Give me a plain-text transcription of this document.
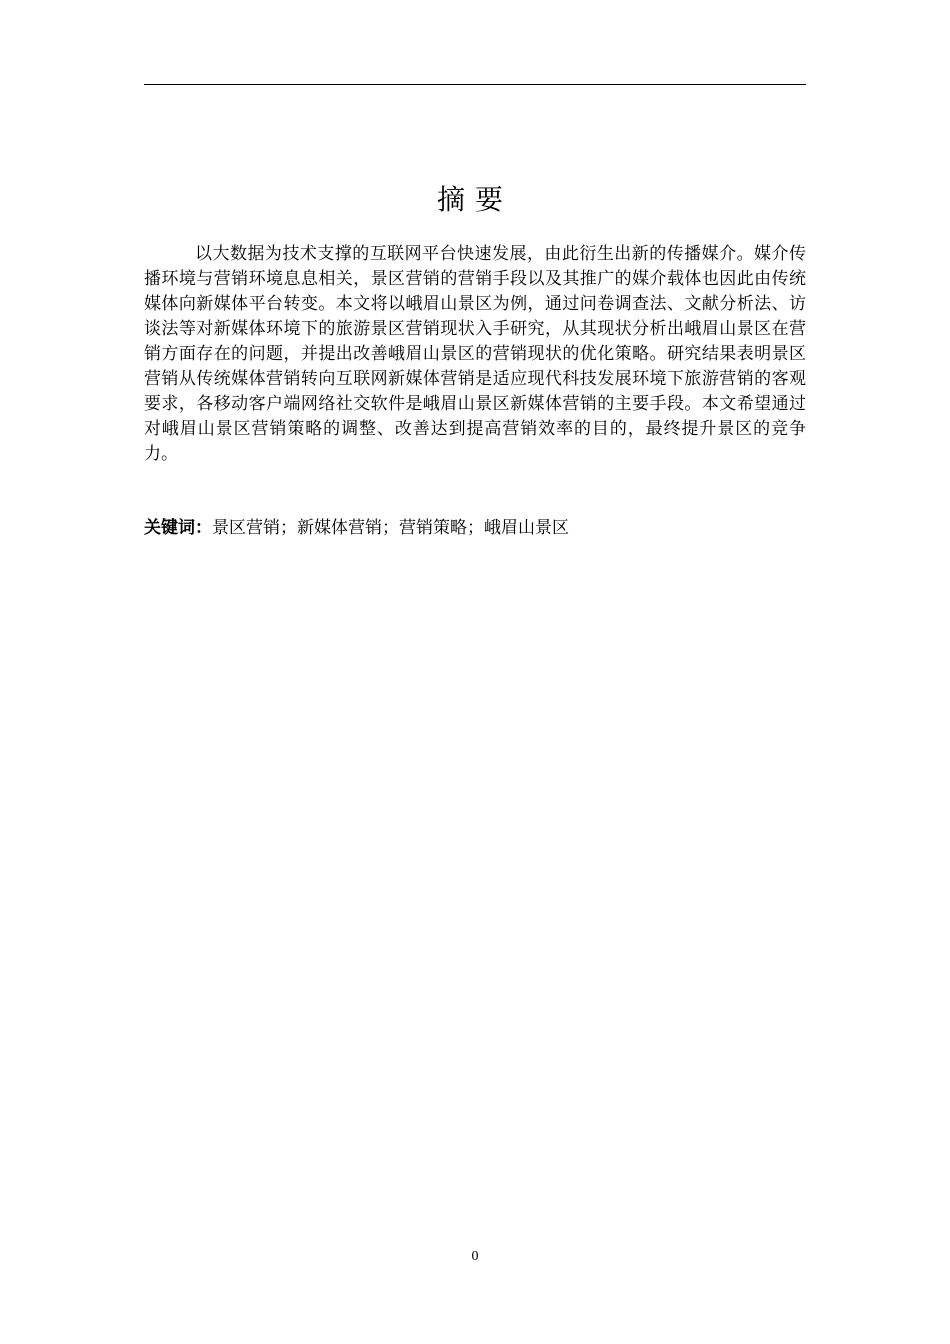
摘要

以大数据为技术支撑的互联网平台快速发展，由此衍生出新的传播媒介。媒介传播环境与营销环境息息相关，景区营销的营销手段以及其推广的媒介载体也因此由传统媒体向新媒体平台转变。本文将以峨眉山景区为例，通过问卷调查法、文献分析法、访谈法等对新媒体环境下的旅游景区营销现状入手研究，从其现状分析出峨眉山景区在营销方面存在的问题，并提出改善峨眉山景区的营销现状的优化策略。研究结果表明景区营销从传统媒体营销转向互联网新媒体营销是适应现代科技发展环境下旅游营销的客观要求，各移动客户端网络社交软件是峨眉山景区新媒体营销的主要手段。本文希望通过对峨眉山景区营销策略的调整、改善达到提高营销效率的目的，最终提升景区的竞争力。

关键词：景区营销；新媒体营销；营销策略；峨眉山景区

0
